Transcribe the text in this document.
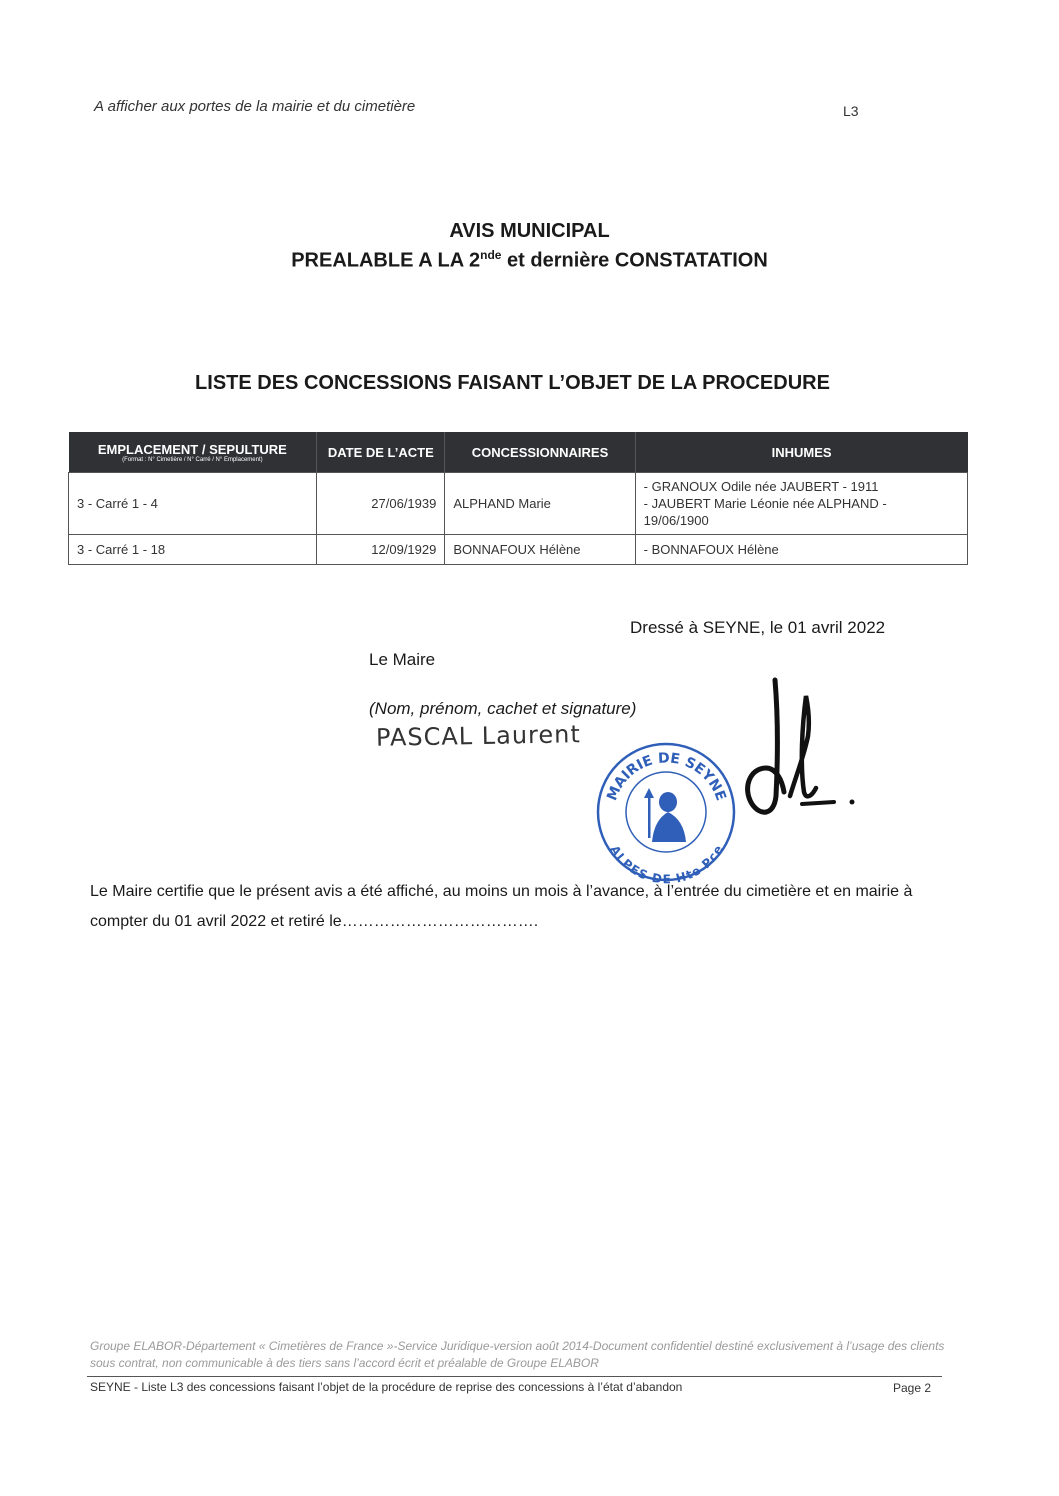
A afficher aux portes de la mairie et du cimetière	L3
AVIS MUNICIPAL
PREALABLE A LA 2nde et dernière CONSTATATION
LISTE DES CONCESSIONS FAISANT L’OBJET DE LA PROCEDURE
EMPLACEMENT / SEPULTURE
(Format : N° Cimetière / N° Carré / N° Emplacement)	DATE DE L’ACTE	CONCESSIONNAIRES	INHUMES
3 - Carré 1 - 4	27/06/1939	ALPHAND Marie	- GRANOUX Odile née JAUBERT - 1911
- JAUBERT Marie Léonie née ALPHAND -
19/06/1900

3 - Carré 1 - 18	12/09/1929	BONNAFOUX Hélène	- BONNAFOUX Hélène
Dressé à SEYNE, le 01 avril 2022
Le Maire
(Nom, prénom, cachet et signature)
PASCAL Laurent
MAIRIE DE SEYNE
ALPES DE Hte Pce
Le Maire certifie que le présent avis a été affiché, au moins un mois à l’avance, à l’entrée du cimetière et en mairie à compter du 01 avril 2022 et retiré le……………………………….
Groupe ELABOR-Département « Cimetières de France »-Service Juridique-version août 2014-Document confidentiel destiné exclusivement à l’usage des clients sous contrat, non communicable à des tiers sans l’accord écrit et préalable de Groupe ELABOR
SEYNE - Liste L3 des concessions faisant l’objet de la procédure de reprise des concessions à l’état d’abandon	Page 2
